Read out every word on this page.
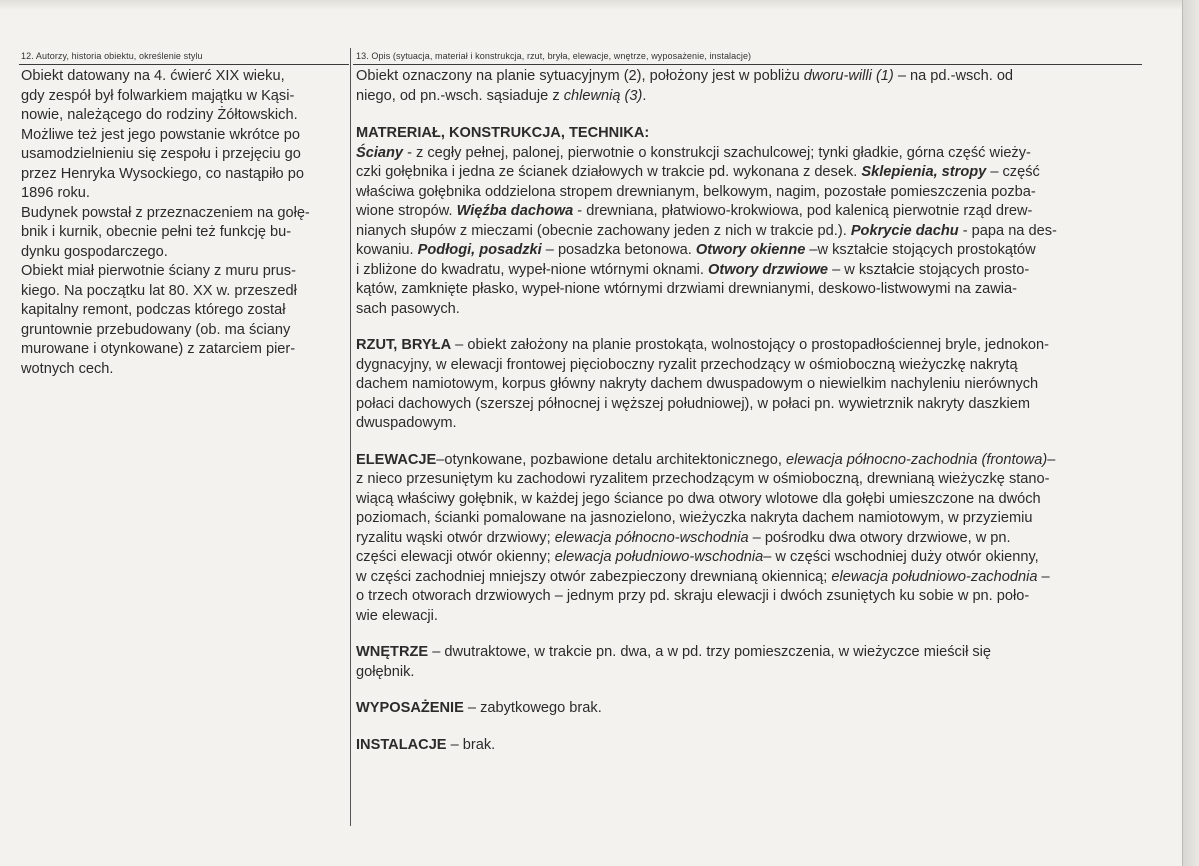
12. Autorzy, historia obiektu, określenie stylu	13. Opis (sytuacja, materiał i konstrukcja, rzut, bryła, elewacje, wnętrze, wyposażenie, instalacje)

Obiekt datowany na 4. ćwierć XIX wieku,

gdy zespół był folwarkiem majątku w Kąsi-

nowie, należącego do rodziny Żółtowskich.

Możliwe też jest jego powstanie wkrótce po

usamodzielnieniu się zespołu i przejęciu go

przez Henryka Wysockiego, co nastąpiło po

1896 roku.

Budynek powstał z przeznaczeniem na gołę-

bnik i kurnik, obecnie pełni też funkcję bu-

dynku gospodarczego.

Obiekt miał pierwotnie ściany z muru prus-

kiego. Na początku lat 80. XX w. przeszedł

kapitalny remont, podczas którego został

gruntownie przebudowany (ob. ma ściany

murowane i otynkowane) z zatarciem pier-

wotnych cech.

Obiekt oznaczony na planie sytuacyjnym (2), położony jest w pobliżu dworu-willi (1) – na pd.-wsch. od

niego, od pn.-wsch. sąsiaduje z chlewnią (3).

MATRERIAŁ, KONSTRUKCJA, TECHNIKA:

Ściany - z cegły pełnej, palonej, pierwotnie o konstrukcji szachulcowej; tynki gładkie, górna część wieży-

czki gołębnika i jedna ze ścianek działowych w trakcie pd. wykonana z desek. Sklepienia, stropy – część

właściwa gołębnika oddzielona stropem drewnianym, belkowym, nagim, pozostałe pomieszczenia pozba-

wione stropów. Więźba dachowa - drewniana, płatwiowo-krokwiowa, pod kalenicą pierwotnie rząd drew-

nianych słupów z mieczami (obecnie zachowany jeden z nich w trakcie pd.). Pokrycie dachu - papa na des-

kowaniu. Podłogi, posadzki – posadzka betonowa. Otwory okienne –w kształcie stojących prostokątów

i zbliżone do kwadratu, wypeł-nione wtórnymi oknami. Otwory drzwiowe – w kształcie stojących prosto-

kątów, zamknięte płasko, wypeł-nione wtórnymi drzwiami drewnianymi, deskowo-listwowymi na zawia-

sach pasowych.

RZUT, BRYŁA – obiekt założony na planie prostokąta, wolnostojący o prostopadłościennej bryle, jednokon-

dygnacyjny, w elewacji frontowej pięcioboczny ryzalit przechodzący w ośmioboczną wieżyczkę nakrytą

dachem namiotowym, korpus główny nakryty dachem dwuspadowym o niewielkim nachyleniu nierównych

połaci dachowych (szerszej północnej i węższej południowej), w połaci pn. wywietrznik nakryty daszkiem

dwuspadowym.

ELEWACJE–otynkowane, pozbawione detalu architektonicznego, elewacja północno-zachodnia (frontowa)–

z nieco przesuniętym ku zachodowi ryzalitem przechodzącym w ośmioboczną, drewnianą wieżyczkę stano-

wiącą właściwy gołębnik, w każdej jego ściance po dwa otwory wlotowe dla gołębi umieszczone na dwóch

poziomach, ścianki pomalowane na jasnozielono, wieżyczka nakryta dachem namiotowym, w przyziemiu

ryzalitu wąski otwór drzwiowy; elewacja północno-wschodnia – pośrodku dwa otwory drzwiowe, w pn.

części elewacji otwór okienny; elewacja południowo-wschodnia– w części wschodniej duży otwór okienny,

w części zachodniej mniejszy otwór zabezpieczony drewnianą okiennicą; elewacja południowo-zachodnia –

o trzech otworach drzwiowych – jednym przy pd. skraju elewacji i dwóch zsuniętych ku sobie w pn. poło-

wie elewacji.

WNĘTRZE – dwutraktowe, w trakcie pn. dwa, a w pd. trzy pomieszczenia, w wieżyczce mieścił się

gołębnik.

WYPOSAŻENIE – zabytkowego brak.

INSTALACJE – brak.
